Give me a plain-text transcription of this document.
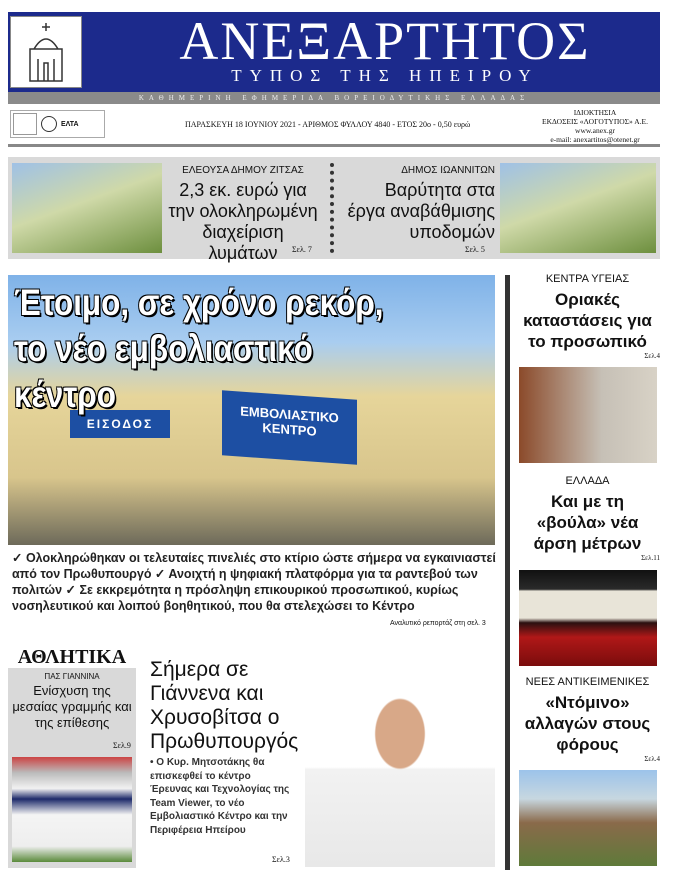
ΑΝΕΞΑΡΤΗΤΟΣ
ΤΥΠΟΣ ΤΗΣ ΗΠΕΙΡΟΥ
ΚΑΘΗΜΕΡΙΝΗ ΕΦΗΜΕΡΙΔΑ ΒΟΡΕΙΟΔΥΤΙΚΗΣ ΕΛΛΑΔΑΣ
ΕΛΤΑ	ΠΑΡΑΣΚΕΥΗ 18 ΙΟΥΝΙΟΥ 2021 - ΑΡΙΘΜΟΣ ΦΥΛΛΟΥ 4840 - ΕΤΟΣ 20ο - 0,50 ευρώ
ΙΔΙΟΚΤΗΣΙΑ
ΕΚΔΟΣΕΙΣ «ΛΟΓΟΤΥΠΟΣ» Α.Ε.
www.anex.gr
e-mail: anexartitos@otenet.gr
ΕΛΕΟΥΣΑ ΔΗΜΟΥ ΖΙΤΣΑΣ
2,3 εκ. ευρώ για την ολοκληρωμένη διαχείριση λυμάτων	Σελ. 7
ΔΗΜΟΣ ΙΩΑΝΝΙΤΩΝ
Βαρύτητα στα έργα αναβάθμισης υποδομών
Σελ. 5
ΕΙΣΟΔΟΣ	ΕΜΒΟΛΙΑΣΤΙΚΟ ΚΕΝΤΡΟ
Έτοιμο, σε χρόνο ρεκόρ, το νέο εμβολιαστικό κέντρο
✓ Ολοκληρώθηκαν οι τελευταίες πινελιές στο κτίριο ώστε σήμερα να εγκαινιαστεί από τον Πρωθυπουργό ✓ Ανοιχτή η ψηφιακή πλατφόρμα για τα ραντεβού των πολιτών ✓ Σε εκκρεμότητα η πρόσληψη επικουρικού προσωπικού, κυρίως νοσηλευτικού και λοιπού βοηθητικού, που θα στελεχώσει το Κέντρο
Αναλυτικό ρεπορτάζ στη σελ. 3
ΚΕΝΤΡΑ ΥΓΕΙΑΣ
Οριακές καταστάσεις για το προσωπικό
Σελ.4
ΕΛΛΑΔΑ
Και με τη «βούλα» νέα άρση μέτρων
Σελ.11
ΝΕΕΣ ΑΝΤΙΚΕΙΜΕΝΙΚΕΣ
«Ντόμινο» αλλαγών στους φόρους
Σελ.4
ΑΘΛΗΤΙΚΑ
ΠΑΣ ΓΙΑΝΝΙΝΑ
Ενίσχυση της μεσαίας γραμμής και της επίθεσης
Σελ.9
Σήμερα σε Γιάννενα και Χρυσοβίτσα ο Πρωθυπουργός
• Ο Κυρ. Μητσοτάκης θα επισκεφθεί το κέντρο Έρευνας και Τεχνολογίας της Team Viewer, το νέο Εμβολιαστικό Κέντρο και την Περιφέρεια Ηπείρου
Σελ.3
